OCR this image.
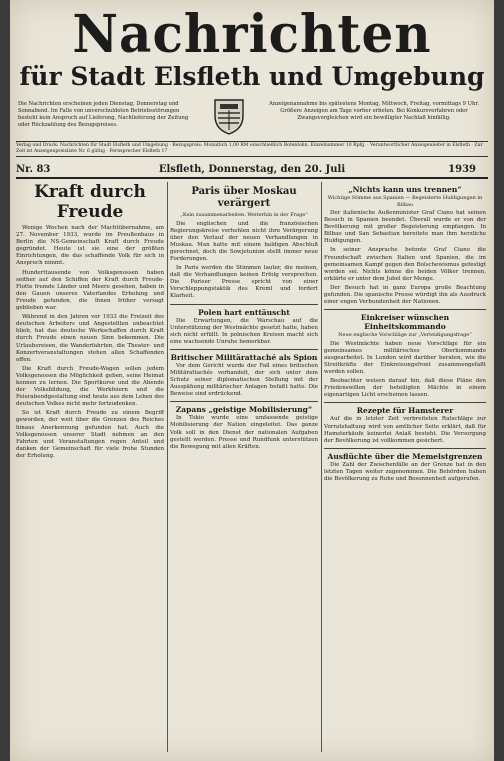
Nachrichten
für Stadt Elsfleth und Umgebung
Die Nachrichten erscheinen jeden Dienstag, Donnerstag und Sonnabend. Im Falle von unverschuldeten Betriebsstörungen besteht kein Anspruch auf Lieferung, Nachlieferung der Zeitung oder Rückzahlung des Bezugspreises.
Anzeigenannahme bis spätestens Montag, Mittwoch, Freitag, vormittags 9 Uhr. Größere Anzeigen am Tage vorher erbeten. Bei Konkursverfahren oder Zwangsvergleichen wird ein bewilligter Nachlaß hinfällig.
Verlag und Druck: Nachrichten für Stadt Elsfleth und Umgebung · Bezugspreis: Monatlich 1,00 RM einschließlich Botenlohn, Einzelnummer 10 Rpfg. · Verantwortlicher Anzeigenleiter in Elsfleth · Zur Zeit ist Anzeigenpreisliste Nr. 6 gültig · Fernsprecher Elsfleth 17
Nr. 83	Elsfleth, Donnerstag, den 20. Juli	1939
Kraft durch Freude

Wenige Wochen nach der Machtübernahme, am 27. November 1933, wurde im Preußenhaus in Berlin die NS-Gemeinschaft Kraft durch Freude gegründet. Heute ist sie eine der größten Einrichtungen, die das schaffende Volk für sich in Anspruch nimmt.

Hunderttausende von Volksgenossen haben seither auf den Schiffen der Kraft durch Freude-Flotte fremde Länder und Meere gesehen, haben in den Gauen unseres Vaterlandes Erholung und Freude gefunden, die ihnen früher versagt geblieben war.

Während in den Jahren vor 1933 die Freizeit des deutschen Arbeiters und Angestellten unbeachtet blieb, hat das deutsche Werkschaffen durch Kraft durch Freude einen neuen Sinn bekommen. Die Urlaubsreisen, die Wanderfahrten, die Theater- und Konzertveranstaltungen stehen allen Schaffenden offen.

Die Kraft durch Freude-Wagen sollen jedem Volksgenossen die Möglichkeit geben, seine Heimat kennen zu lernen. Die Sportkurse und die Abende der Volksbildung, die Werkfeiern und die Feierabendgestaltung sind heute aus dem Leben des deutschen Volkes nicht mehr fortzudenken.

So ist Kraft durch Freude zu einem Begriff geworden, der weit über die Grenzen des Reiches hinaus Anerkennung gefunden hat. Auch die Volksgenossen unserer Stadt nehmen an den Fahrten und Veranstaltungen regen Anteil und danken der Gemeinschaft für viele frohe Stunden der Erholung.

Paris über Moskau verärgert
„Kein zusammenarbeiten. Weiterhin in der Frage“

Die englischen und die französischen Regierungskreise verhehlen nicht ihre Verärgerung über den Verlauf der neuen Verhandlungen in Moskau. Man hatte mit einem baldigen Abschluß gerechnet, doch die Sowjetunion stellt immer neue Forderungen.

In Paris werden die Stimmen lauter, die meinen, daß die Verhandlungen keinen Erfolg versprechen. Die Pariser Presse spricht von einer Verschleppungstaktik des Kreml und fordert Klarheit.

Polen hart enttäuscht

Die Erwartungen, die Warschau auf die Unterstützung der Westmächte gesetzt hatte, haben sich nicht erfüllt. In polnischen Kreisen macht sich eine wachsende Unruhe bemerkbar.

Britischer Militärattaché als Spion

Vor dem Gericht wurde der Fall eines britischen Militärattachés verhandelt, der sich unter dem Schutz seiner diplomatischen Stellung mit der Ausspähung militärischer Anlagen befaßt hatte. Die Beweise sind erdrückend.

Zapans „geistige Mobilisierung“

In Tokio wurde eine umfassende geistige Mobilisierung der Nation eingeleitet. Das ganze Volk soll in den Dienst der nationalen Aufgaben gestellt werden. Presse und Rundfunk unterstützen die Bewegung mit allen Kräften.

„Nichts kann uns trennen“
Wichtige Stimme aus Spanien — Begeisterte Huldigungen in Bilbao

Der italienische Außenminister Graf Ciano hat seinen Besuch in Spanien beendet. Überall wurde er von der Bevölkerung mit großer Begeisterung empfangen. In Bilbao und San Sebastian bereitete man ihm herzliche Huldigungen.

In seiner Ansprache betonte Graf Ciano die Freundschaft zwischen Italien und Spanien, die im gemeinsamen Kampf gegen den Bolschewismus gefestigt worden sei. Nichts könne die beiden Völker trennen, erklärte er unter dem Jubel der Menge.

Der Besuch hat in ganz Europa große Beachtung gefunden. Die spanische Presse würdigt ihn als Ausdruck einer engen Verbundenheit der Nationen.

Einkreiser wünschen Einheitskommando
Neue englische Vorschläge zur „Verteidigungsfrage“

Die Westmächte haben neue Vorschläge für ein gemeinsames militärisches Oberkommando ausgearbeitet. In London wird darüber beraten, wie die Streitkräfte der Einkreisungsfront zusammengefaßt werden sollen.

Beobachter weisen darauf hin, daß diese Pläne den Friedenswillen der beteiligten Mächte in einem eigenartigen Licht erscheinen lassen.

Rezepte für Hamsterer

Auf die in letzter Zeit verbreiteten Ratschläge zur Vorratshaltung wird von amtlicher Seite erklärt, daß für Hamsterkäufe keinerlei Anlaß besteht. Die Versorgung der Bevölkerung ist vollkommen gesichert.

Ausflüchte über die Memelstgrenzen

Die Zahl der Zwischenfälle an der Grenze hat in den letzten Tagen weiter zugenommen. Die Behörden haben die Bevölkerung zu Ruhe und Besonnenheit aufgerufen.
